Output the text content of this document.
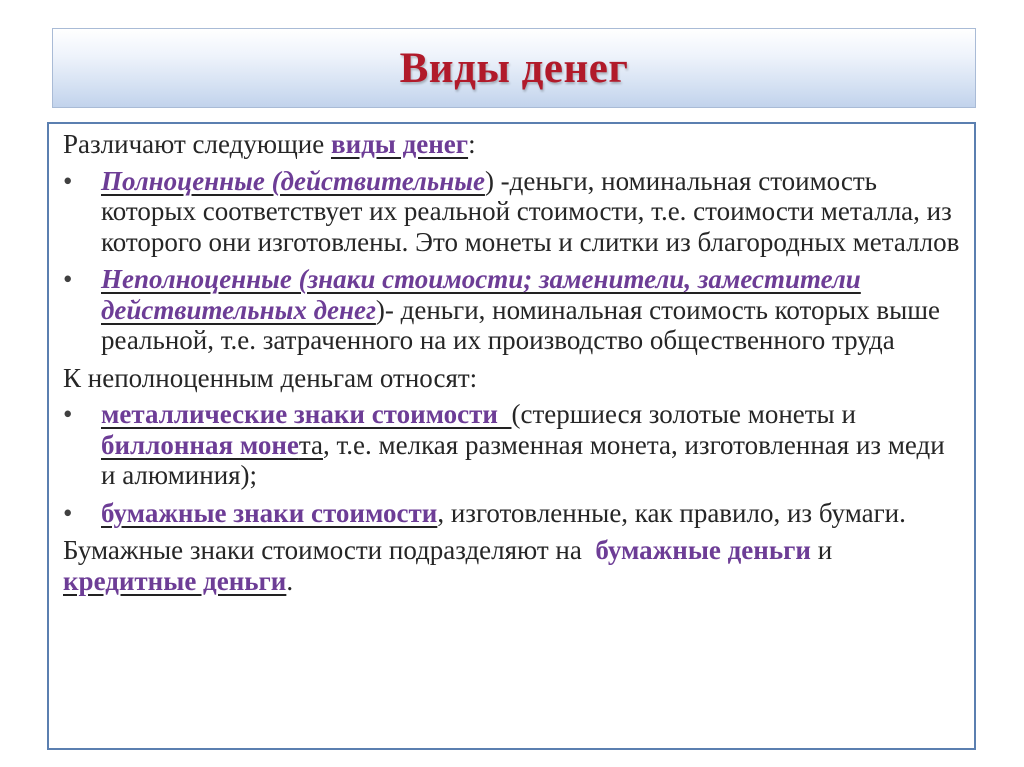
Виды денег

Различают следующие виды денег:

• Полноценные (действительные) -деньги, номинальная стоимость которых соответствует их реальной стоимости, т.е. стоимости металла, из которого они изготовлены. Это монеты и слитки из благородных металлов
• Неполноценные (знаки стоимости; заменители, заместители действительных денег)- деньги, номинальная стоимость которых выше реальной, т.е. затраченного на их производство общественного труда

К неполноценным деньгам относят:

• металлические знаки стоимости  (стершиеся золотые монеты и биллонная монета, т.е. мелкая разменная монета, изготовленная из меди и алюминия);
• бумажные знаки стоимости, изготовленные, как правило, из бумаги.

Бумажные знаки стоимости подразделяют на  бумажные деньги и кредитные деньги.
